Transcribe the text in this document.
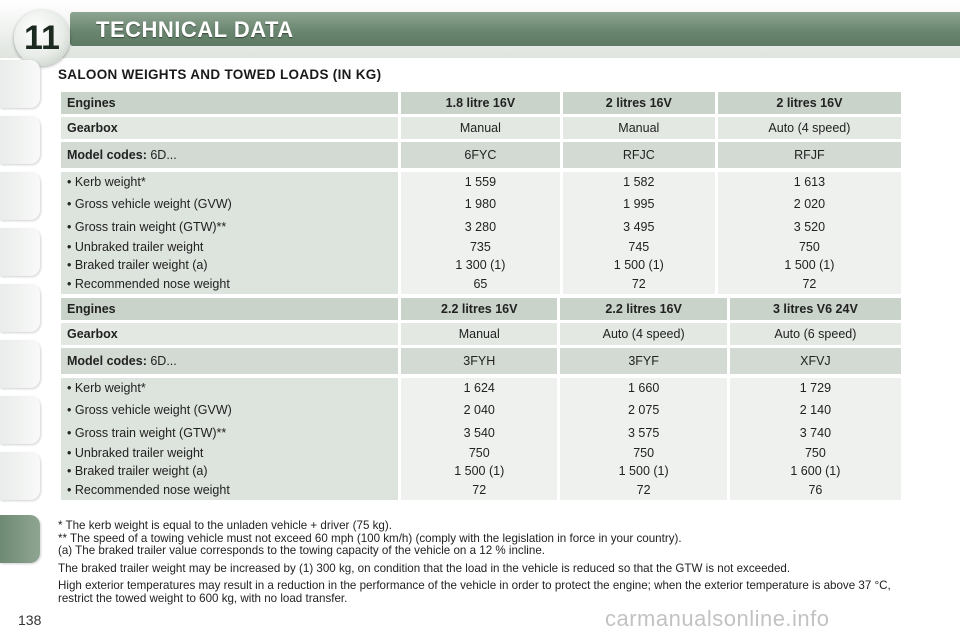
11	TECHNICAL DATA
SALOON WEIGHTS AND TOWED LOADS (IN KG)
Engines	1.8 litre 16V	2 litres 16V	2 litres 16V

Gearbox	Manual	Manual	Auto (4 speed)

Model codes: 6D...	6FYC	RFJC	RFJF

• Kerb weight*	1 559	1 582	1 613
• Gross vehicle weight (GVW)	1 980	1 995	2 020
• Gross train weight (GTW)**	3 280	3 495	3 520
• Unbraked trailer weight	735	745	750
• Braked trailer weight (a)	1 300 (1)	1 500 (1)	1 500 (1)
• Recommended nose weight	65	72	72
Engines	2.2 litres 16V	2.2 litres 16V	3 litres V6 24V

Gearbox	Manual	Auto (4 speed)	Auto (6 speed)

Model codes: 6D...	3FYH	3FYF	XFVJ

• Kerb weight*	1 624	1 660	1 729
• Gross vehicle weight (GVW)	2 040	2 075	2 140
• Gross train weight (GTW)**	3 540	3 575	3 740
• Unbraked trailer weight	750	750	750
• Braked trailer weight (a)	1 500 (1)	1 500 (1)	1 600 (1)
• Recommended nose weight	72	72	76

* The kerb weight is equal to the unladen vehicle + driver (75 kg).

** The speed of a towing vehicle must not exceed 60 mph (100 km/h) (comply with the legislation in force in your country).

(a) The braked trailer value corresponds to the towing capacity of the vehicle on a 12 % incline.

The braked trailer weight may be increased by (1) 300 kg, on condition that the load in the vehicle is reduced so that the GTW is not exceeded.

High exterior temperatures may result in a reduction in the performance of the vehicle in order to protect the engine; when the exterior temperature is above 37 °C, restrict the towed weight to 600 kg, with no load transfer.

138	carmanualsonline.info
